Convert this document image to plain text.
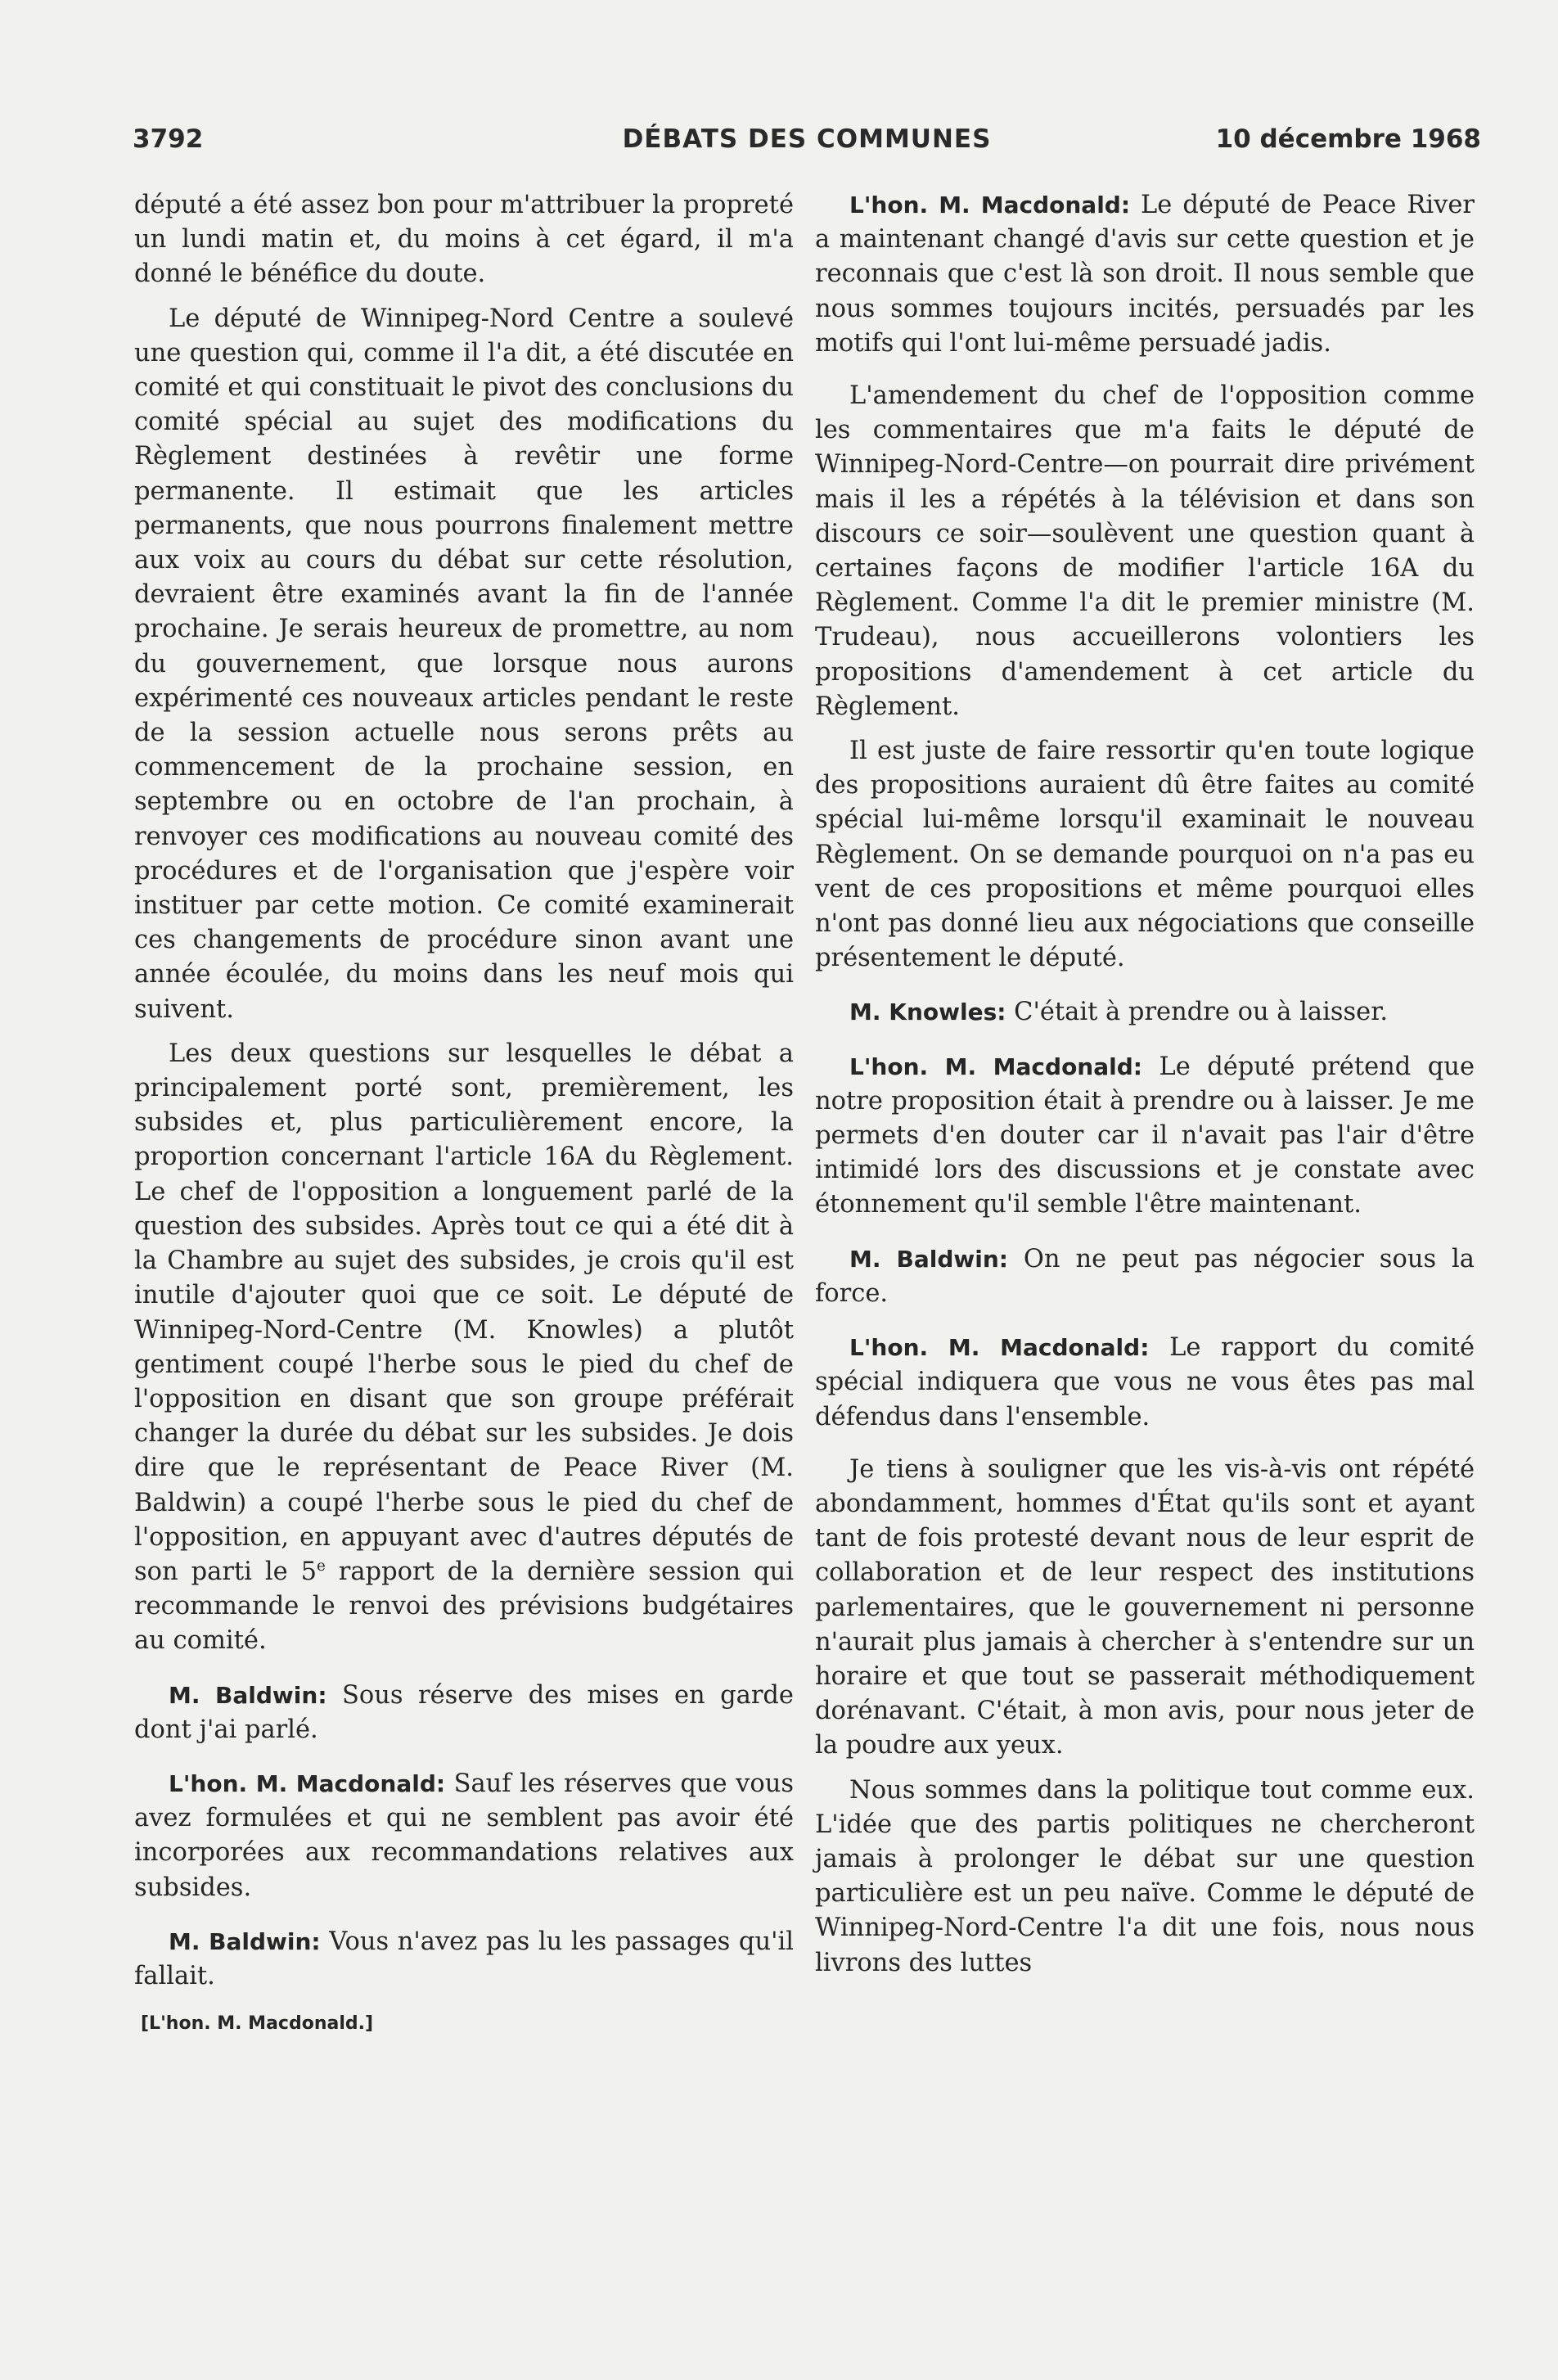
3792	DÉBATS DES COMMUNES	10 décembre 1968

député a été assez bon pour m'attribuer la propreté un lundi matin et, du moins à cet égard, il m'a donné le bénéfice du doute.

Le député de Winnipeg-Nord Centre a soulevé une question qui, comme il l'a dit, a été discutée en comité et qui constituait le pivot des conclusions du comité spécial au sujet des modifications du Règlement destinées à revêtir une forme permanente. Il estimait que les articles permanents, que nous pourrons finalement mettre aux voix au cours du débat sur cette résolution, devraient être examinés avant la fin de l'année prochaine. Je serais heureux de promettre, au nom du gouvernement, que lorsque nous aurons expérimenté ces nouveaux articles pendant le reste de la session actuelle nous serons prêts au commencement de la prochaine session, en septembre ou en octobre de l'an prochain, à renvoyer ces modifications au nouveau comité des procédures et de l'organisation que j'espère voir instituer par cette motion. Ce comité examinerait ces changements de procédure sinon avant une année écoulée, du moins dans les neuf mois qui suivent.

Les deux questions sur lesquelles le débat a principalement porté sont, premièrement, les subsides et, plus particulièrement encore, la proportion concernant l'article 16A du Règlement. Le chef de l'opposition a longuement parlé de la question des subsides. Après tout ce qui a été dit à la Chambre au sujet des subsides, je crois qu'il est inutile d'ajouter quoi que ce soit. Le député de Winnipeg-Nord-Centre (M. Knowles) a plutôt gentiment coupé l'herbe sous le pied du chef de l'opposition en disant que son groupe préférait changer la durée du débat sur les subsides. Je dois dire que le représentant de Peace River (M. Baldwin) a coupé l'herbe sous le pied du chef de l'opposition, en appuyant avec d'autres députés de son parti le 5e rapport de la dernière session qui recommande le renvoi des prévisions budgétaires au comité.

M. Baldwin: Sous réserve des mises en garde dont j'ai parlé.

L'hon. M. Macdonald: Sauf les réserves que vous avez formulées et qui ne semblent pas avoir été incorporées aux recommandations relatives aux subsides.

M. Baldwin: Vous n'avez pas lu les passages qu'il fallait.

[L'hon. M. Macdonald.]

L'hon. M. Macdonald: Le député de Peace River a maintenant changé d'avis sur cette question et je reconnais que c'est là son droit. Il nous semble que nous sommes toujours incités, persuadés par les motifs qui l'ont lui-même persuadé jadis.

L'amendement du chef de l'opposition comme les commentaires que m'a faits le député de Winnipeg-Nord-Centre—on pourrait dire privément mais il les a répétés à la télévision et dans son discours ce soir—soulèvent une question quant à certaines façons de modifier l'article 16A du Règlement. Comme l'a dit le premier ministre (M. Trudeau), nous accueillerons volontiers les propositions d'amendement à cet article du Règlement.

Il est juste de faire ressortir qu'en toute logique des propositions auraient dû être faites au comité spécial lui-même lorsqu'il examinait le nouveau Règlement. On se demande pourquoi on n'a pas eu vent de ces propositions et même pourquoi elles n'ont pas donné lieu aux négociations que conseille présentement le député.

M. Knowles: C'était à prendre ou à laisser.

L'hon. M. Macdonald: Le député prétend que notre proposition était à prendre ou à laisser. Je me permets d'en douter car il n'avait pas l'air d'être intimidé lors des discussions et je constate avec étonnement qu'il semble l'être maintenant.

M. Baldwin: On ne peut pas négocier sous la force.

L'hon. M. Macdonald: Le rapport du comité spécial indiquera que vous ne vous êtes pas mal défendus dans l'ensemble.

Je tiens à souligner que les vis-à-vis ont répété abondamment, hommes d'État qu'ils sont et ayant tant de fois protesté devant nous de leur esprit de collaboration et de leur respect des institutions parlementaires, que le gouvernement ni personne n'aurait plus jamais à chercher à s'entendre sur un horaire et que tout se passerait méthodiquement dorénavant. C'était, à mon avis, pour nous jeter de la poudre aux yeux.

Nous sommes dans la politique tout comme eux. L'idée que des partis politiques ne chercheront jamais à prolonger le débat sur une question particulière est un peu naïve. Comme le député de Winnipeg-Nord-Centre l'a dit une fois, nous nous livrons des luttes
